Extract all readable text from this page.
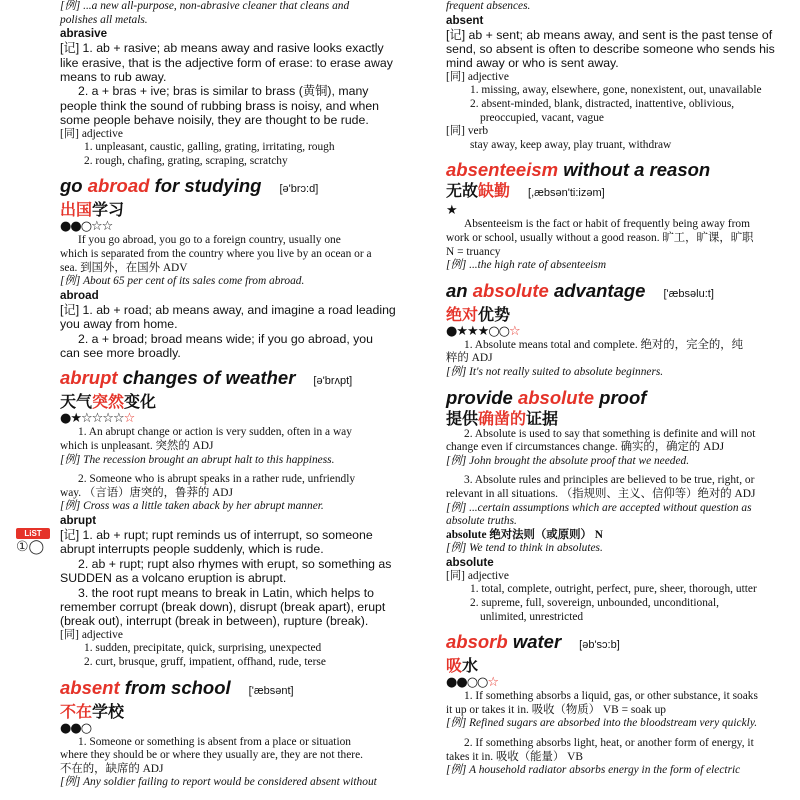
LiST
①◯
[例] ...a new all-purpose, non-abrasive cleaner that cleans and
polishes all metals.
abrasive
[记] 1. ab + rasive; ab means away and rasive looks exactly
like erasive, that is the adjective form of erase: to erase away
means to rub away.
2. a + bras + ive; bras is similar to brass (黄铜), many
people think the sound of rubbing brass is noisy, and when
some people behave noisily, they are thought to be rude.
[同] adjective
1. unpleasant, caustic, galling, grating, irritating, rough
2. rough, chafing, grating, scraping, scratchy
go abroad for studying [ə'brɔ:d]
出国学习
●●○☆☆
If you go abroad, you go to a foreign country, usually one
which is separated from the country where you live by an ocean or a
sea. 到国外，在国外 ADV
[例] About 65 per cent of its sales come from abroad.
abroad
[记] 1. ab + road; ab means away, and imagine a road leading
you away from home.
2. a + broad; broad means wide; if you go abroad, you
can see more broadly.
abrupt changes of weather [ə'brʌpt]
天气突然变化
●★☆☆☆☆☆
1. An abrupt change or action is very sudden, often in a way
which is unpleasant. 突然的 ADJ
[例] The recession brought an abrupt halt to this happiness.
2. Someone who is abrupt speaks in a rather rude, unfriendly
way. （言语）唐突的，鲁莽的 ADJ
[例] Cross was a little taken aback by her abrupt manner.
abrupt
[记] 1. ab + rupt; rupt reminds us of interrupt, so someone
abrupt interrupts people suddenly, which is rude.
2. ab + rupt; rupt also rhymes with erupt, so something as
SUDDEN as a volcano eruption is abrupt.
3. the root rupt means to break in Latin, which helps to
remember corrupt (break down), disrupt (break apart), erupt
(break out), interrupt (break in between), rupture (break).
[同] adjective
1. sudden, precipitate, quick, surprising, unexpected
2. curt, brusque, gruff, impatient, offhand, rude, terse
absent from school ['æbsənt]
不在学校
●●○
1. Someone or something is absent from a place or situation
where they should be or where they usually are, they are not there.
不在的，缺席的 ADJ
[例] Any soldier failing to report would be considered absent without
frequent absences.
absent
[记] ab + sent; ab means away, and sent is the past tense of
send, so absent is often to describe someone who sends his
mind away or who is sent away.
[同] adjective
1. missing, away, elsewhere, gone, nonexistent, out, unavailable
2. absent-minded, blank, distracted, inattentive, oblivious,
preoccupied, vacant, vague
[同] verb
stay away, keep away, play truant, withdraw
absenteeism without a reason
无故缺勤 [,æbsən'ti:izəm]
★
Absenteeism is the fact or habit of frequently being away from
work or school, usually without a good reason. 旷工，旷课，旷职
N = truancy
[例] ...the high rate of absenteeism
an absolute advantage ['æbsəlu:t]
绝对优势
●★★★○○☆
1. Absolute means total and complete. 绝对的，完全的，纯
粹的 ADJ
[例] It's not really suited to absolute beginners.
provide absolute proof
提供确凿的证据
2. Absolute is used to say that something is definite and will not
change even if circumstances change. 确实的，确定的 ADJ
[例] John brought the absolute proof that we needed.
3. Absolute rules and principles are believed to be true, right, or
relevant in all situations. （指规则、主义、信仰等）绝对的 ADJ
[例] ...certain assumptions which are accepted without question as
absolute truths.
absolute 绝对法则（或原则） N
[例] We tend to think in absolutes.
absolute
[同] adjective
1. total, complete, outright, perfect, pure, sheer, thorough, utter
2. supreme, full, sovereign, unbounded, unconditional,
unlimited, unrestricted
absorb water [əb'sɔ:b]
吸水
●●○○☆
1. If something absorbs a liquid, gas, or other substance, it soaks
it up or takes it in. 吸收（物质） VB = soak up
[例] Refined sugars are absorbed into the bloodstream very quickly.
2. If something absorbs light, heat, or another form of energy, it
takes it in. 吸收（能量） VB
[例] A household radiator absorbs energy in the form of electric
